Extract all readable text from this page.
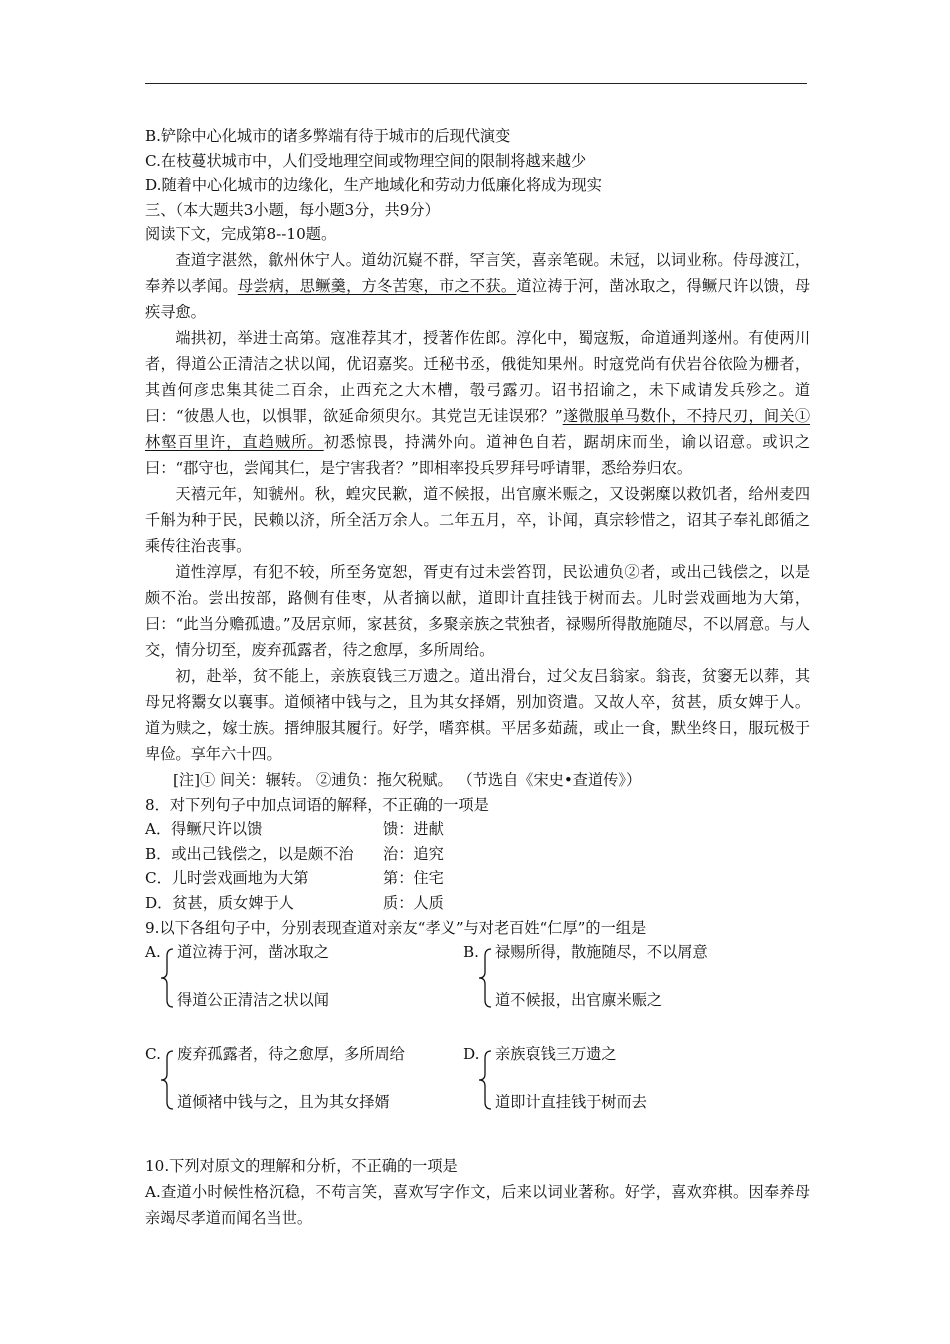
B.铲除中心化城市的诸多弊端有待于城市的后现代演变

C.在枝蔓状城市中，人们受地理空间或物理空间的限制将越来越少

D.随着中心化城市的边缘化，生产地域化和劳动力低廉化将成为现实

三、（本大题共3小题，每小题3分，共9分）

阅读下文，完成第8--10题。

查道字湛然，歙州休宁人。道幼沉嶷不群，罕言笑，喜亲笔砚。未冠，以词业称。侍母渡江，奉养以孝闻。母尝病，思鳜羹，方冬苦寒，市之不获。道泣祷于河，凿冰取之，得鳜尺许以馈，母疾寻愈。

端拱初，举进士高第。寇准荐其才，授著作佐郎。淳化中，蜀寇叛，命道通判遂州。有使两川者，得道公正清洁之状以闻，优诏嘉奖。迁秘书丞，俄徙知果州。时寇党尚有伏岩谷依险为栅者，其酋何彦忠集其徒二百余，止西充之大木槽，彀弓露刃。诏书招谕之，未下咸请发兵殄之。道曰：“彼愚人也，以惧罪，欲延命须臾尔。其党岂无诖误邪？”遂微服单马数仆，不持尺刃，间关①林壑百里许，直趋贼所。初悉惊畏，持满外向。道神色自若，踞胡床而坐，谕以诏意。或识之曰：“郡守也，尝闻其仁，是宁害我者？”即相率投兵罗拜号呼请罪，悉给券归农。

天禧元年，知虢州。秋，蝗灾民歉，道不候报，出官廪米赈之，又设粥糜以救饥者，给州麦四千斛为种于民，民赖以济，所全活万余人。二年五月，卒，讣闻，真宗轸惜之，诏其子奉礼郎循之乘传往治丧事。

道性淳厚，有犯不较，所至务宽恕，胥吏有过未尝笞罚，民讼逋负②者，或出己钱偿之，以是颇不治。尝出按部，路侧有佳枣，从者摘以献，道即计直挂钱于树而去。儿时尝戏画地为大第，曰：“此当分赡孤遗。”及居京师，家甚贫，多聚亲族之茕独者，禄赐所得散施随尽，不以屑意。与人交，情分切至，废弃孤露者，待之愈厚，多所周给。

初，赴举，贫不能上，亲族裒钱三万遗之。道出滑台，过父友吕翁家。翁丧，贫窭无以葬，其母兄将鬻女以襄事。道倾褚中钱与之，且为其女择婿，别加资遣。又故人卒，贫甚，质女婢于人。道为赎之，嫁士族。搢绅服其履行。好学，嗜弈棋。平居多茹蔬，或止一食，默坐终日，服玩极于卑俭。享年六十四。

[注]① 间关：辗转。 ②逋负：拖欠税赋。 （节选自《宋史•查道传》）

8．对下列句子中加点词语的解释，不正确的一项是

A．得鳜尺许以馈	馈：进献
B．或出己钱偿之，以是颇不治	治：追究
C．儿时尝戏画地为大第	第：住宅
D．贫甚，质女婢于人	质：人质

9.以下各组句子中，分别表现查道对亲友“孝义”与对老百姓“仁厚”的一组是

A. 道泣祷于河，凿冰取之
得道公正清洁之状以闻
B. 禄赐所得，散施随尽，不以屑意
道不候报，出官廪米赈之
C. 废弃孤露者，待之愈厚，多所周给
道倾褚中钱与之，且为其女择婿
D. 亲族裒钱三万遗之
道即计直挂钱于树而去

10.下列对原文的理解和分析，不正确的一项是

A.查道小时候性格沉稳，不苟言笑，喜欢写字作文，后来以词业著称。好学，喜欢弈棋。因奉养母亲竭尽孝道而闻名当世。
